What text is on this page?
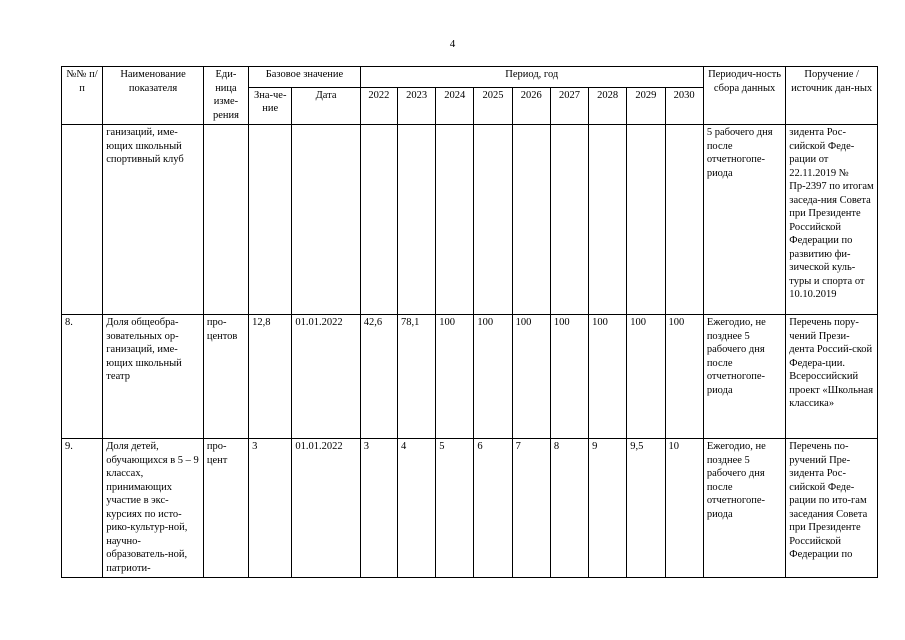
4
№№ п/п	Наименование показателя	Еди-ница изме-рения	Базовое значение		Период, год									Периодич-ность сбора данных	Поручение / источник дан-ных
			Зна-че-ние	Дата	2022	2023	2024	2025	2026	2027	2028	2029	2030		
	ганизаций, име-ющих школьный спортивный клуб													5 рабочего дня после отчетногопе-риода	зидента Рос-сийской Феде-рации от 22.11.2019 № Пр-2397 по итогам заседа-ния Совета при Президенте Российской Федерации по развитию фи-зической куль-туры и спорта от 10.10.2019
8.	Доля общеобра-зовательных ор-ганизаций, име-ющих школьный театр	про-центов	12,8	01.01.2022	42,6	78,1	100	100	100	100	100	100	100	Ежегодио, не позднее 5 рабочего дня после отчетногопе-риода	Перечень пору-чений Прези-дента Россий-ской Федера-ции. Всероссийский проект «Школьная классика»
9.	Доля детей, обучающихся в 5 – 9 классах, принимающих участие в экс-курсиях по исто-рико-культур-ной, научно-образователь-ной, патриоти-	про-цент	3	01.01.2022	3	4	5	6	7	8	9	9,5	10	Ежегодио, не позднее 5 рабочего дня после отчетногопе-риода	Перечень по-ручений Пре-зидента Рос-сийской Феде-рации по ито-гам заседания Совета при Президенте Российской Федерации по
